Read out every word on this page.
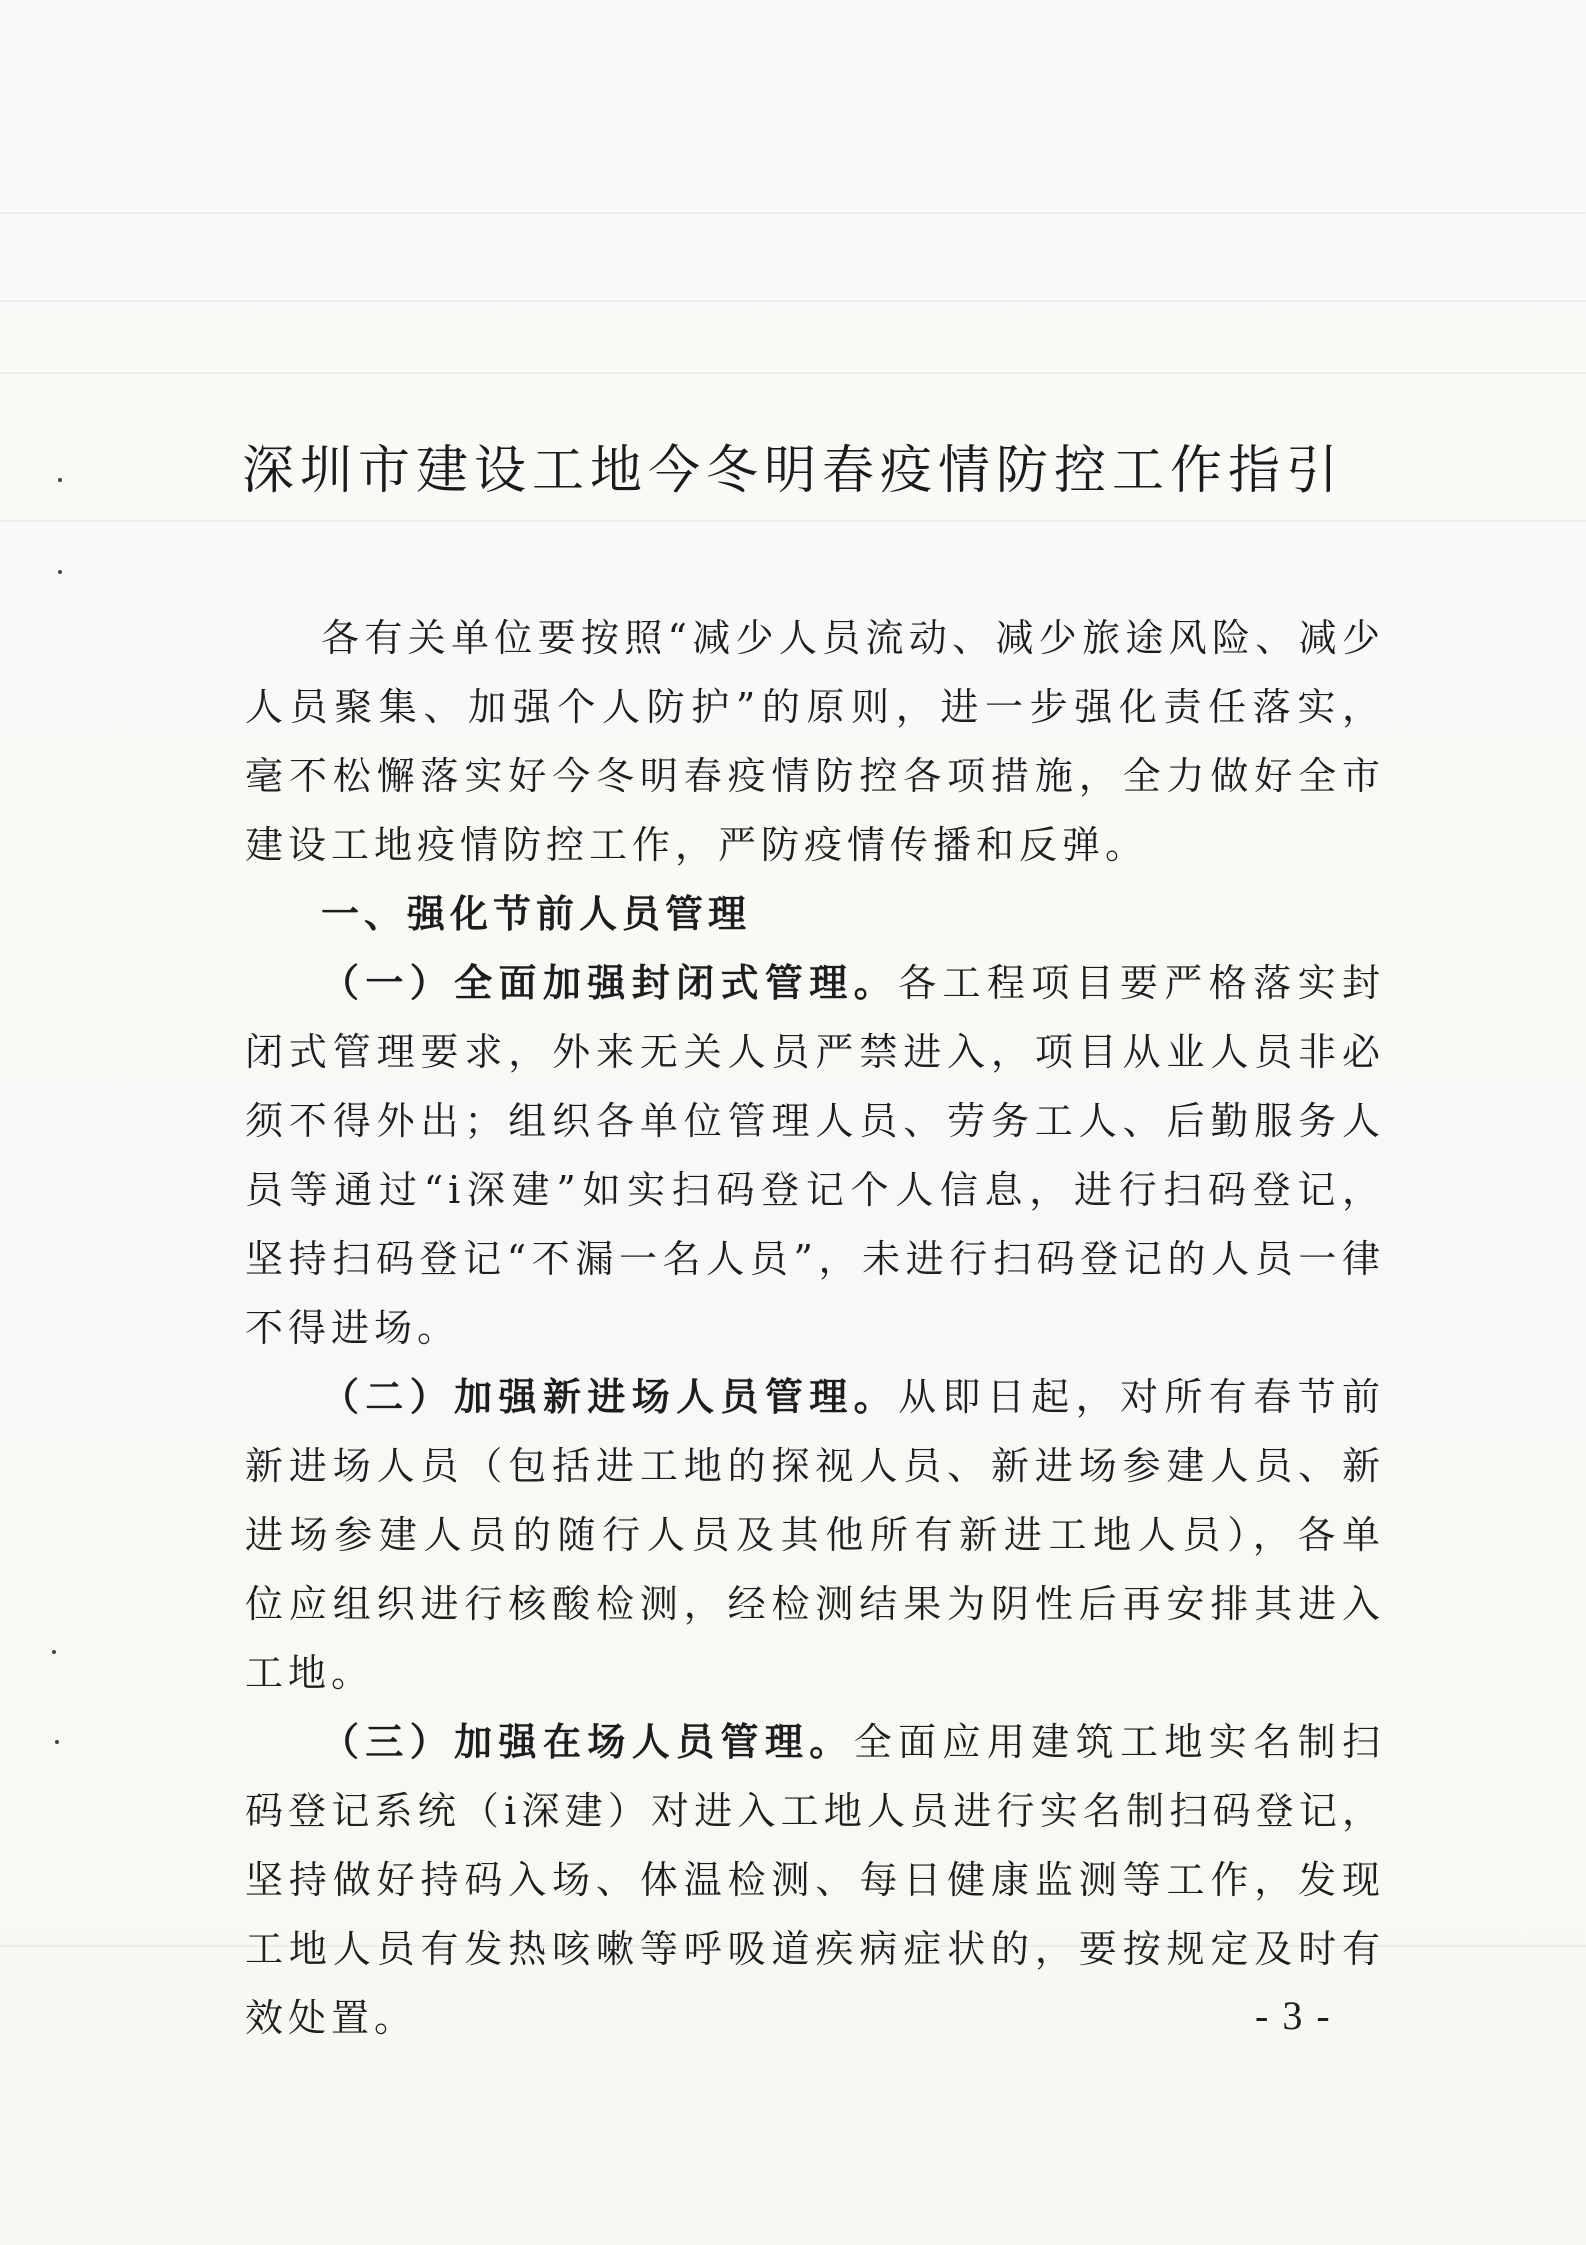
深圳市建设工地今冬明春疫情防控工作指引

各有关单位要按照“减少人员流动、减少旅途风险、减少人员聚集、加强个人防护”的原则，进一步强化责任落实，毫不松懈落实好今冬明春疫情防控各项措施，全力做好全市建设工地疫情防控工作，严防疫情传播和反弹。

一、强化节前人员管理

（一）全面加强封闭式管理。各工程项目要严格落实封闭式管理要求，外来无关人员严禁进入，项目从业人员非必须不得外出；组织各单位管理人员、劳务工人、后勤服务人员等通过“i深建”如实扫码登记个人信息，进行扫码登记，坚持扫码登记“不漏一名人员”，未进行扫码登记的人员一律不得进场。

（二）加强新进场人员管理。从即日起，对所有春节前新进场人员（包括进工地的探视人员、新进场参建人员、新进场参建人员的随行人员及其他所有新进工地人员），各单位应组织进行核酸检测，经检测结果为阴性后再安排其进入工地。

（三）加强在场人员管理。全面应用建筑工地实名制扫码登记系统（i深建）对进入工地人员进行实名制扫码登记，坚持做好持码入场、体温检测、每日健康监测等工作，发现工地人员有发热咳嗽等呼吸道疾病症状的，要按规定及时有效处置。	- 3 -
